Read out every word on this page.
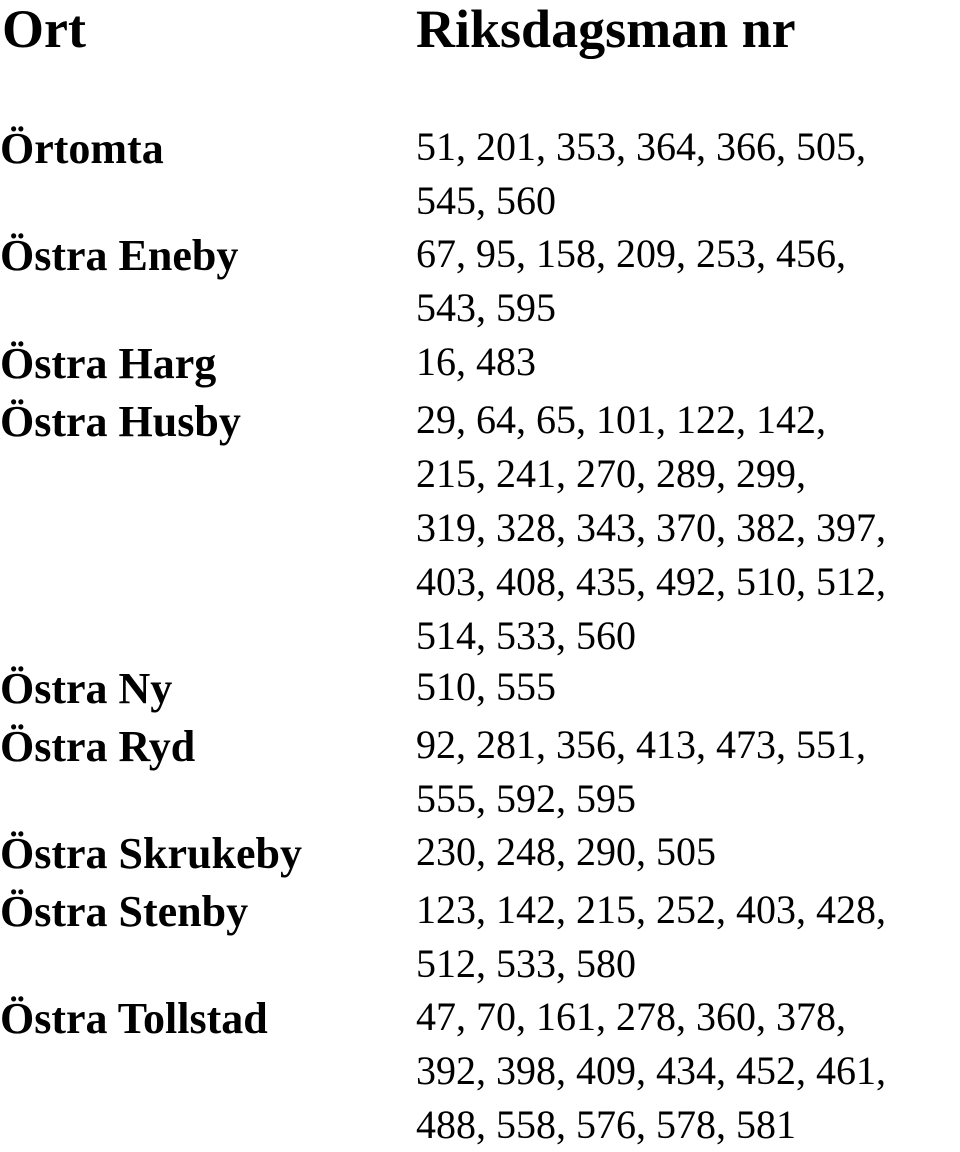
Ort	Riksdagsman nr
Örtomta	51, 201, 353, 364, 366, 505,
545, 560
Östra Eneby	67, 95, 158, 209, 253, 456,
543, 595
Östra Harg	16, 483
Östra Husby	29, 64, 65, 101, 122, 142,
215, 241, 270, 289, 299,
319, 328, 343, 370, 382, 397,
403, 408, 435, 492, 510, 512,
514, 533, 560
Östra Ny	510, 555
Östra Ryd	92, 281, 356, 413, 473, 551,
555, 592, 595
Östra Skrukeby	230, 248, 290, 505
Östra Stenby	123, 142, 215, 252, 403, 428,
512, 533, 580
Östra Tollstad	47, 70, 161, 278, 360, 378,
392, 398, 409, 434, 452, 461,
488, 558, 576, 578, 581
